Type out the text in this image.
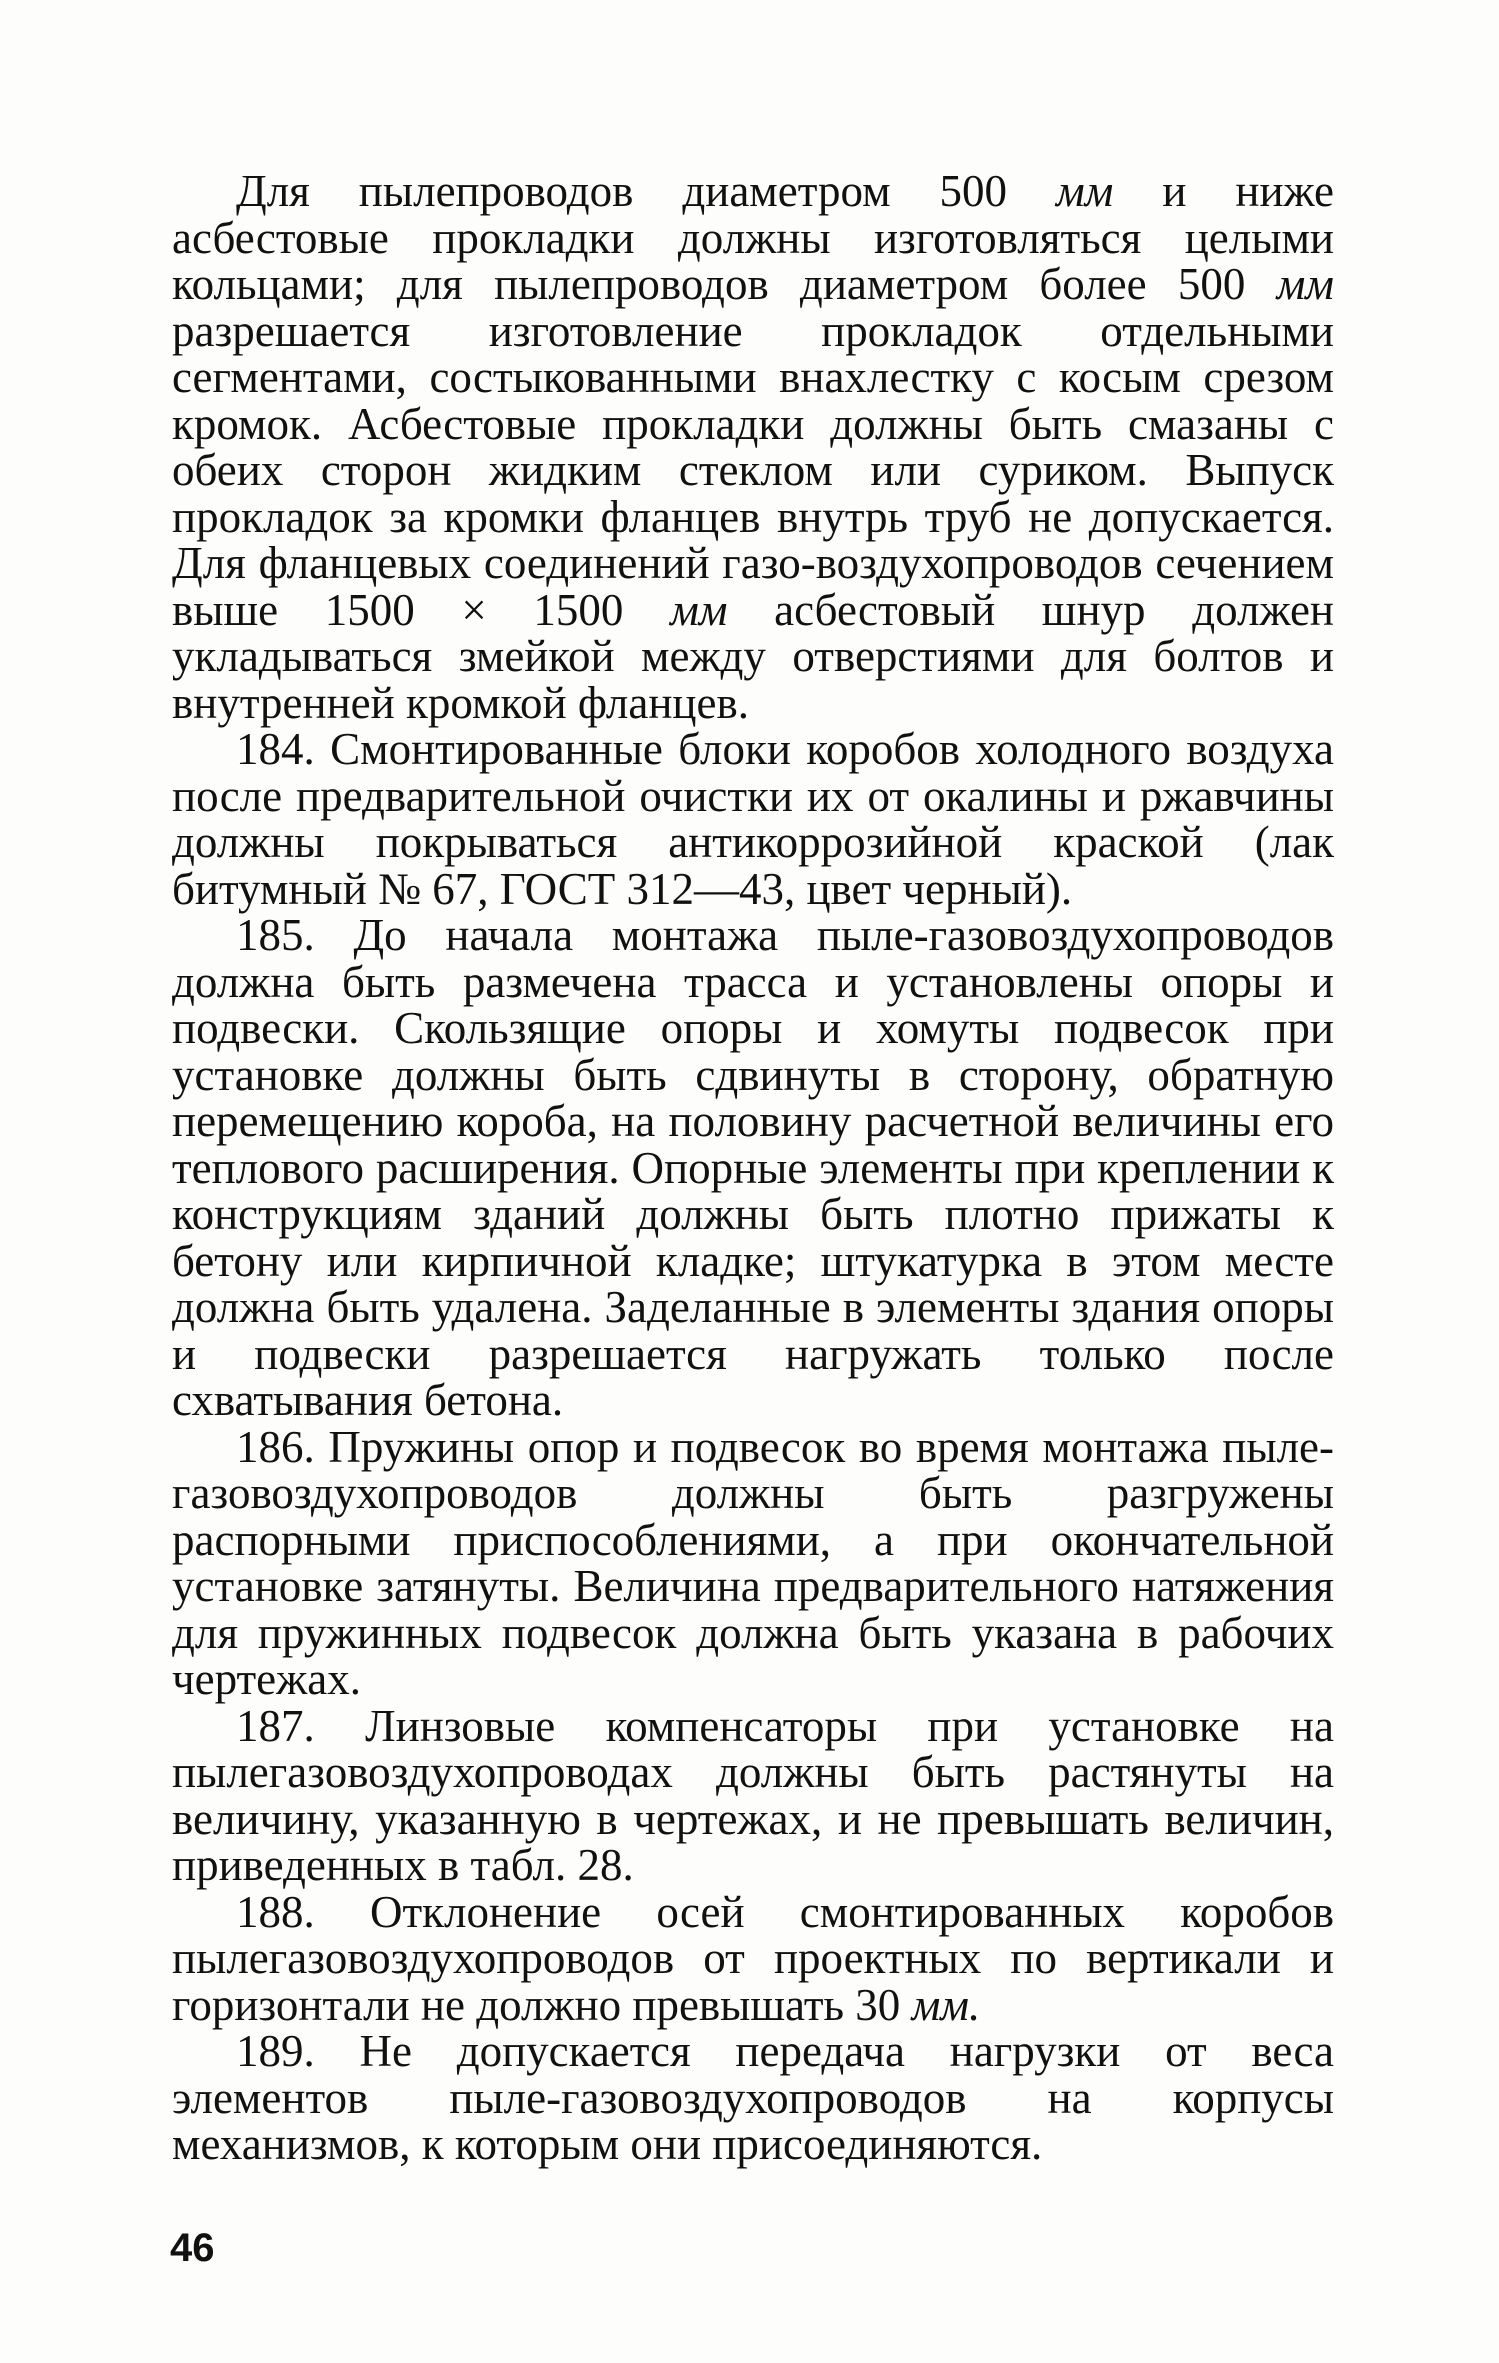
Для пылепроводов диаметром 500 мм и ниже асбестовые прокладки должны изготовляться целыми кольцами; для пылепроводов диаметром более 500 мм разрешается изготовление прокладок отдельными сегментами, состыкованными внахлестку с косым срезом кромок. Асбестовые прокладки должны быть смазаны с обеих сторон жидким стеклом или суриком. Выпуск прокладок за кромки фланцев внутрь труб не допускается. Для фланцевых соединений газо-воздухопроводов сечением выше 1500 × 1500 мм асбестовый шнур должен укладываться змейкой между отверстиями для болтов и внутренней кромкой фланцев.

184. Смонтированные блоки коробов холодного воздуха после предварительной очистки их от окалины и ржавчины должны покрываться антикоррозийной краской (лак битумный № 67, ГОСТ 312—43, цвет черный).

185. До начала монтажа пыле-газовоздухопроводов должна быть размечена трасса и установлены опоры и подвески. Скользящие опоры и хомуты подвесок при установке должны быть сдвинуты в сторону, обратную перемещению короба, на половину расчетной величины его теплового расширения. Опорные элементы при креплении к конструкциям зданий должны быть плотно прижаты к бетону или кирпичной кладке; штукатурка в этом месте должна быть удалена. Заделанные в элементы здания опоры и подвески разрешается нагружать только после схватывания бетона.

186. Пружины опор и подвесок во время монтажа пыле-газовоздухопроводов должны быть разгружены распорными приспособлениями, а при окончательной установке затянуты. Величина предварительного натяжения для пружинных подвесок должна быть указана в рабочих чертежах.

187. Линзовые компенсаторы при установке на пылегазовоздухопроводах должны быть растянуты на величину, указанную в чертежах, и не превышать величин, приведенных в табл. 28.

188. Отклонение осей смонтированных коробов пылегазовоздухопроводов от проектных по вертикали и горизонтали не должно превышать 30 мм.

189. Не допускается передача нагрузки от веса элементов пыле-газовоздухопроводов на корпусы механизмов, к которым они присоединяются.

46
